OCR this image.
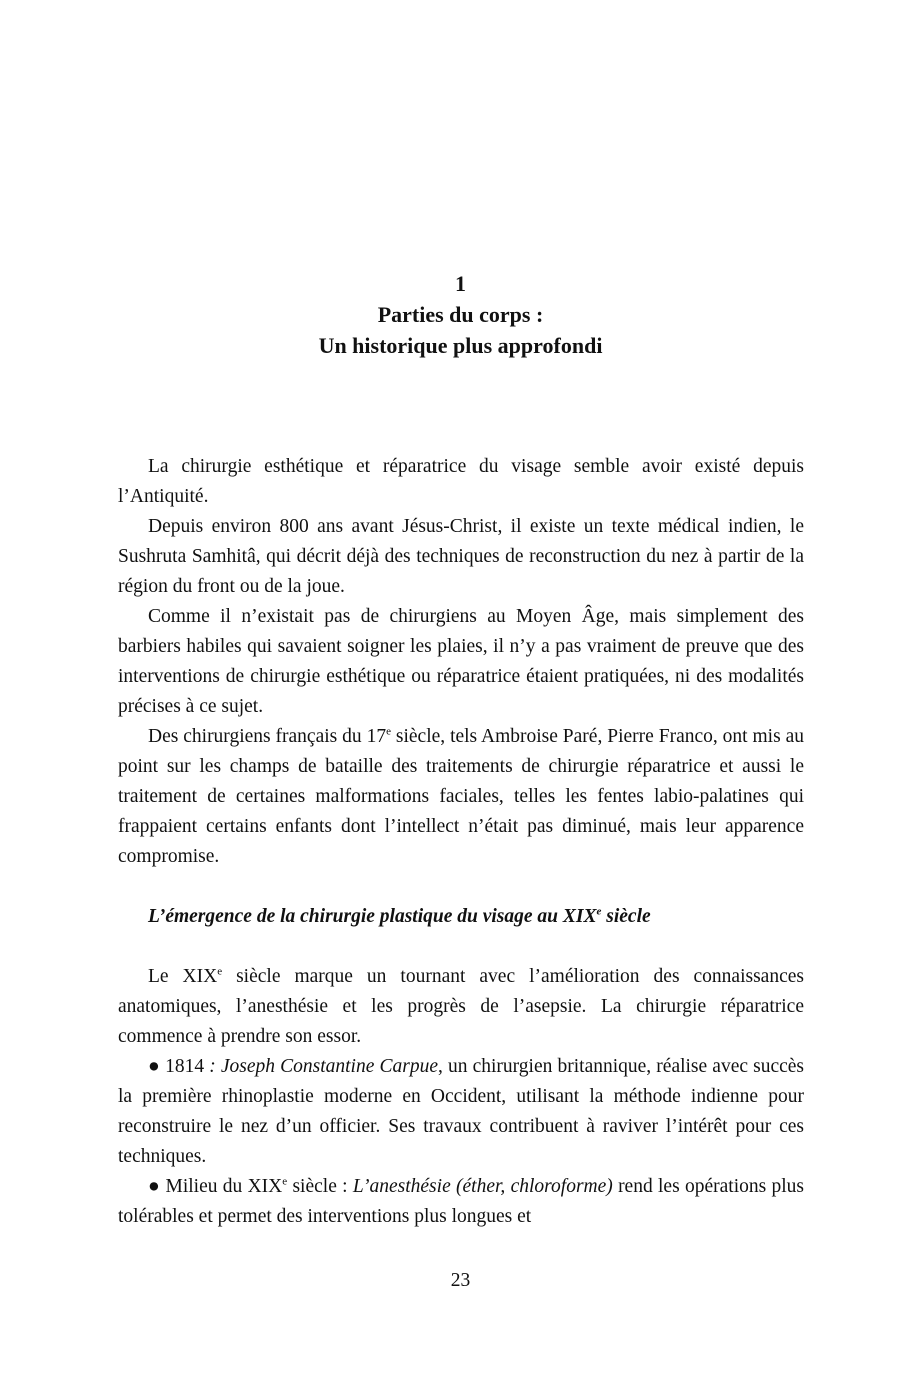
1
Parties du corps :
Un historique plus approfondi

La chirurgie esthétique et réparatrice du visage semble avoir existé depuis l’Antiquité.

Depuis environ 800 ans avant Jésus-Christ, il existe un texte médical indien, le Sushruta Samhitâ, qui décrit déjà des techniques de reconstruction du nez à partir de la région du front ou de la joue.

Comme il n’existait pas de chirurgiens au Moyen Âge, mais simplement des barbiers habiles qui savaient soigner les plaies, il n’y a pas vraiment de preuve que des interventions de chirurgie esthétique ou réparatrice étaient pratiquées, ni des modalités précises à ce sujet.

Des chirurgiens français du 17e siècle, tels Ambroise Paré, Pierre Franco, ont mis au point sur les champs de bataille des traitements de chirurgie réparatrice et aussi le traitement de certaines malformations faciales, telles les fentes labio-palatines qui frappaient certains enfants dont l’intellect n’était pas diminué, mais leur apparence compromise.

L’émergence de la chirurgie plastique du visage au XIXe siècle

Le XIXe siècle marque un tournant avec l’amélioration des connaissances anatomiques, l’anesthésie et les progrès de l’asepsie. La chirurgie réparatrice commence à prendre son essor.

● 1814 : Joseph Constantine Carpue, un chirurgien britannique, réalise avec succès la première rhinoplastie moderne en Occident, utilisant la méthode indienne pour reconstruire le nez d’un officier. Ses travaux contribuent à raviver l’intérêt pour ces techniques.

● Milieu du XIXe siècle : L’anesthésie (éther, chloroforme) rend les opérations plus tolérables et permet des interventions plus longues et

23
